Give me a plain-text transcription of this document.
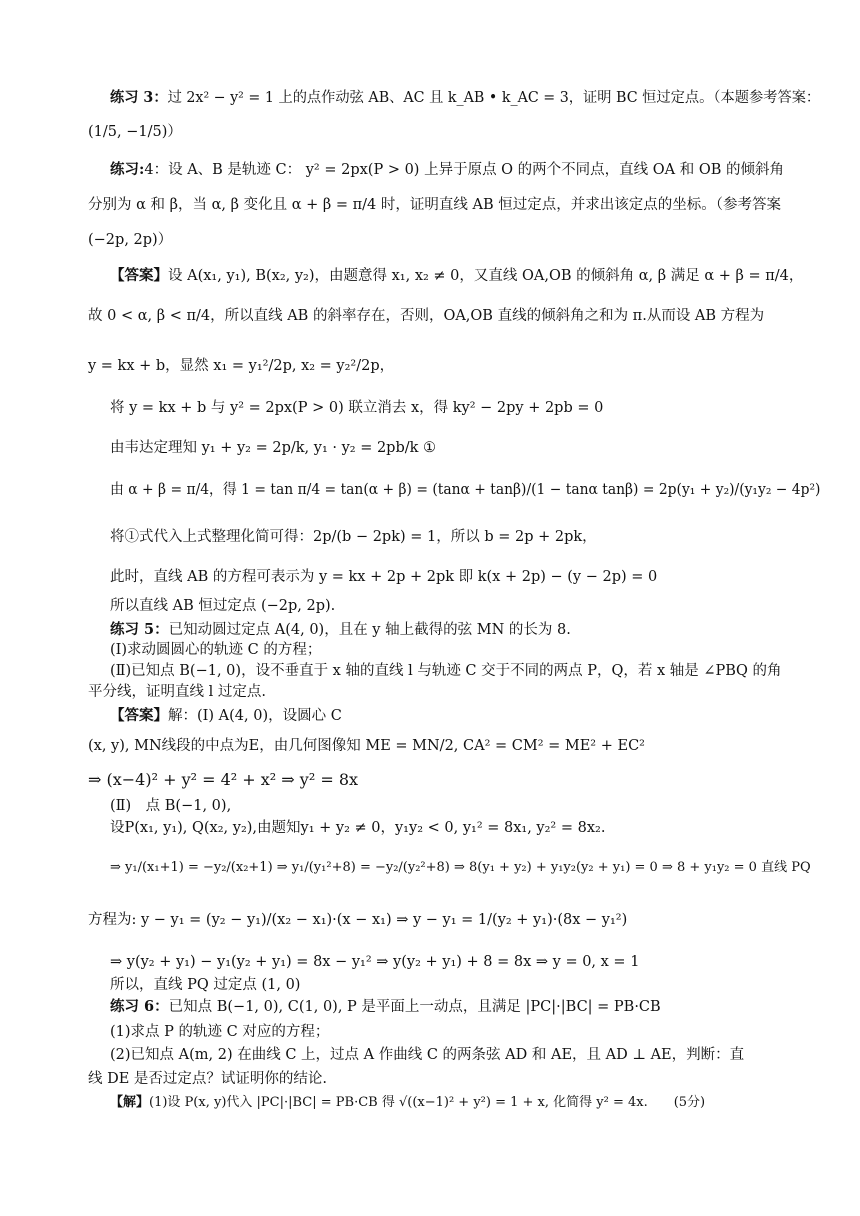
练习 3：过 2x² − y² = 1 上的点作动弦 AB、AC 且 k_AB • k_AC = 3，证明 BC 恒过定点。（本题参考答案：
(1/5, −1/5)）
练习:4：设 A、B 是轨迹 C： y² = 2px(P > 0) 上异于原点 O 的两个不同点，直线 OA 和 OB 的倾斜角
分别为 α 和 β，当 α, β 变化且 α + β = π/4 时，证明直线 AB 恒过定点，并求出该定点的坐标。（参考答案
(−2p, 2p)）
【答案】设 A(x₁, y₁), B(x₂, y₂)，由题意得 x₁, x₂ ≠ 0，又直线 OA,OB 的倾斜角 α, β 满足 α + β = π/4，
故 0 < α, β < π/4，所以直线 AB 的斜率存在，否则，OA,OB 直线的倾斜角之和为 π.从而设 AB 方程为
y = kx + b，显然 x₁ = y₁²/2p, x₂ = y₂²/2p，
将 y = kx + b 与 y² = 2px(P > 0) 联立消去 x，得 ky² − 2py + 2pb = 0
由韦达定理知 y₁ + y₂ = 2p/k, y₁ · y₂ = 2pb/k ①
由 α + β = π/4，得 1 = tan π/4 = tan(α + β) = (tanα + tanβ)/(1 − tanα tanβ) = 2p(y₁ + y₂)/(y₁y₂ − 4p²)
将①式代入上式整理化简可得：2p/(b − 2pk) = 1，所以 b = 2p + 2pk，
此时，直线 AB 的方程可表示为 y = kx + 2p + 2pk 即 k(x + 2p) − (y − 2p) = 0
所以直线 AB 恒过定点 (−2p, 2p).
练习 5：已知动圆过定点 A(4, 0)，且在 y 轴上截得的弦 MN 的长为 8.
(Ⅰ)求动圆圆心的轨迹 C 的方程；
(Ⅱ)已知点 B(−1, 0)，设不垂直于 x 轴的直线 l 与轨迹 C 交于不同的两点 P，Q，若 x 轴是 ∠PBQ 的角
平分线，证明直线 l 过定点.
【答案】解：(Ⅰ) A(4, 0)，设圆心 C
(x, y), MN线段的中点为E，由几何图像知 ME = MN/2, CA² = CM² = ME² + EC²
⇒ (x−4)² + y² = 4² + x² ⇒ y² = 8x
(Ⅱ)　点 B(−1, 0),
设P(x₁, y₁), Q(x₂, y₂),由题知y₁ + y₂ ≠ 0，y₁y₂ < 0, y₁² = 8x₁, y₂² = 8x₂.
⇒ y₁/(x₁+1) = −y₂/(x₂+1) ⇒ y₁/(y₁²+8) = −y₂/(y₂²+8) ⇒ 8(y₁ + y₂) + y₁y₂(y₂ + y₁) = 0 ⇒ 8 + y₁y₂ = 0 直线 PQ
方程为: y − y₁ = (y₂ − y₁)/(x₂ − x₁)·(x − x₁) ⇒ y − y₁ = 1/(y₂ + y₁)·(8x − y₁²)
⇒ y(y₂ + y₁) − y₁(y₂ + y₁) = 8x − y₁² ⇒ y(y₂ + y₁) + 8 = 8x ⇒ y = 0, x = 1
所以，直线 PQ 过定点 (1, 0)
练习 6：已知点 B(−1, 0), C(1, 0), P 是平面上一动点，且满足 |PC|·|BC| = PB·CB
(1)求点 P 的轨迹 C 对应的方程；
(2)已知点 A(m, 2) 在曲线 C 上，过点 A 作曲线 C 的两条弦 AD 和 AE，且 AD ⊥ AE，判断：直
线 DE 是否过定点？试证明你的结论.
【解】(1)设 P(x, y)代入 |PC|·|BC| = PB·CB 得 √((x−1)² + y²) = 1 + x, 化简得 y² = 4x.　　(5分)
